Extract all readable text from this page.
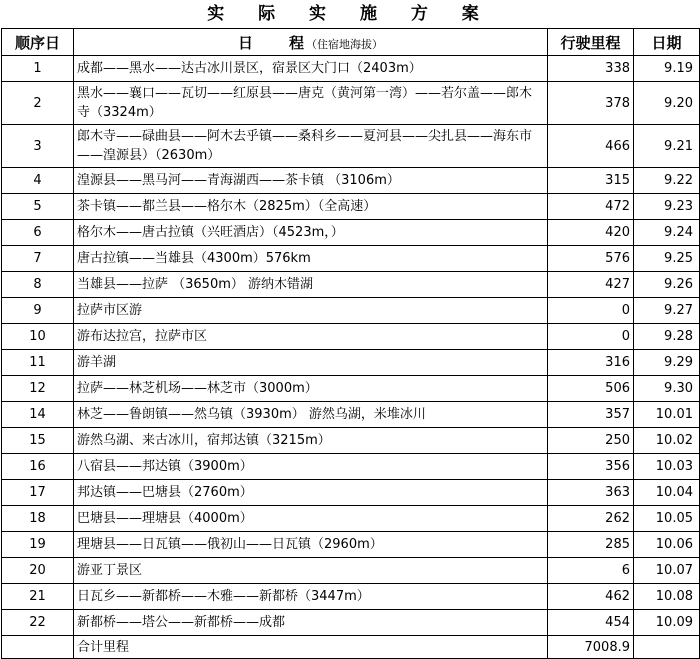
实 际 实 施 方 案
顺序日	日　　程（住宿地海拔）	行驶里程	日期
1	成都——黑水——达古冰川景区，宿景区大门口（2403m）	338	9.19
2	黑水——襄口——瓦切——红原县——唐克（黄河第一湾）——若尔盖——郎木寺（3324m）	378	9.20
3	郎木寺——碌曲县——阿木去乎镇——桑科乡——夏河县——尖扎县——海东市——湟源县）（2630m）	466	9.21
4	湟源县——黑马河——青海湖西——茶卡镇 （3106m）	315	9.22
5	茶卡镇——都兰县——格尔木（2825m）（全高速）	472	9.23
6	格尔木——唐古拉镇（兴旺酒店）（4523m，）	420	9.24
7	唐古拉镇——当雄县（4300m）576km	576	9.25
8	当雄县——拉萨 （3650m） 游纳木错湖	427	9.26
9	拉萨市区游	0	9.27
10	游布达拉宫，拉萨市区	0	9.28
11	游羊湖	316	9.29
12	拉萨——林芝机场——林芝市（3000m）	506	9.30
14	林芝——鲁朗镇——然乌镇（3930m） 游然乌湖，米堆冰川	357	10.01
15	游然乌湖、来古冰川，宿邦达镇（3215m）	250	10.02
16	八宿县——邦达镇（3900m）	356	10.03
17	邦达镇——巴塘县（2760m）	363	10.04
18	巴塘县——理塘县（4000m）	262	10.05
19	理塘县——日瓦镇——俄初山——日瓦镇（2960m）	285	10.06
20	游亚丁景区	6	10.07
21	日瓦乡——新都桥——木雅——新都桥（3447m）	462	10.08
22	新都桥——塔公——新都桥——成都	454	10.09
	合计里程	7008.9	
